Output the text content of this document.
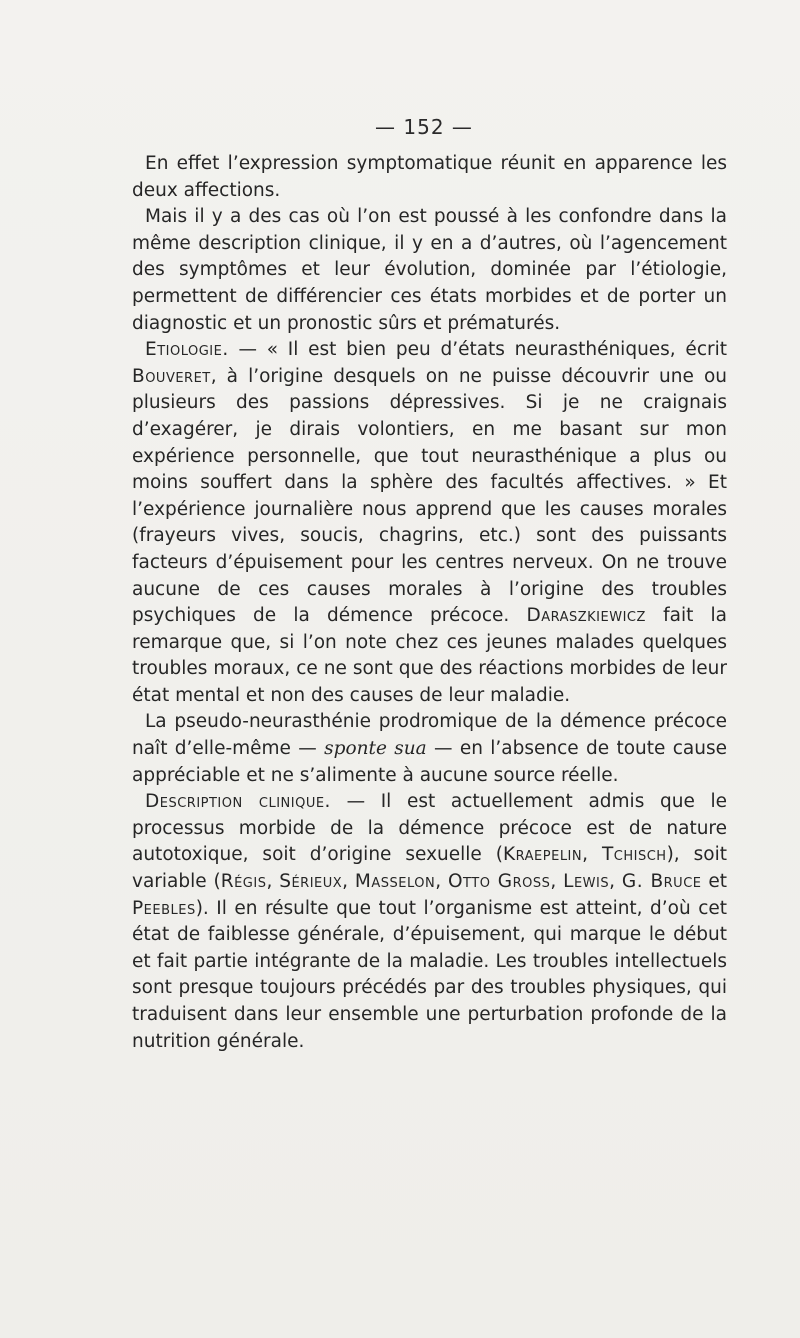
— 152 —

En effet l’expression symptomatique réunit en apparence les deux affections.

Mais il y a des cas où l’on est poussé à les confondre dans la même description clinique, il y en a d’autres, où l’agencement des symptômes et leur évolution, dominée par l’étiologie, permettent de différencier ces états morbides et de porter un diagnostic et un pronostic sûrs et prématurés.

Etiologie. — « Il est bien peu d’états neurasthéniques, écrit Bouveret, à l’origine desquels on ne puisse découvrir une ou plusieurs des passions dépressives. Si je ne craignais d’exagérer, je dirais volontiers, en me basant sur mon expérience personnelle, que tout neurasthénique a plus ou moins souffert dans la sphère des facultés affectives. » Et l’expérience journalière nous apprend que les causes morales (frayeurs vives, soucis, chagrins, etc.) sont des puissants facteurs d’épuisement pour les centres nerveux. On ne trouve aucune de ces causes morales à l’origine des troubles psychiques de la démence précoce. Daraszkiewicz fait la remarque que, si l’on note chez ces jeunes malades quelques troubles moraux, ce ne sont que des réactions morbides de leur état mental et non des causes de leur maladie.

La pseudo-neurasthénie prodromique de la démence précoce naît d’elle-même — sponte sua — en l’absence de toute cause appréciable et ne s’alimente à aucune source réelle.

Description clinique. — Il est actuellement admis que le processus morbide de la démence précoce est de nature autotoxique, soit d’origine sexuelle (Kraepelin, Tchisch), soit variable (Régis, Sérieux, Masselon, Otto Gross, Lewis, G. Bruce et Peebles). Il en résulte que tout l’organisme est atteint, d’où cet état de faiblesse générale, d’épuisement, qui marque le début et fait partie intégrante de la maladie. Les troubles intellectuels sont presque toujours précédés par des troubles physiques, qui traduisent dans leur ensemble une perturbation profonde de la nutrition générale.
